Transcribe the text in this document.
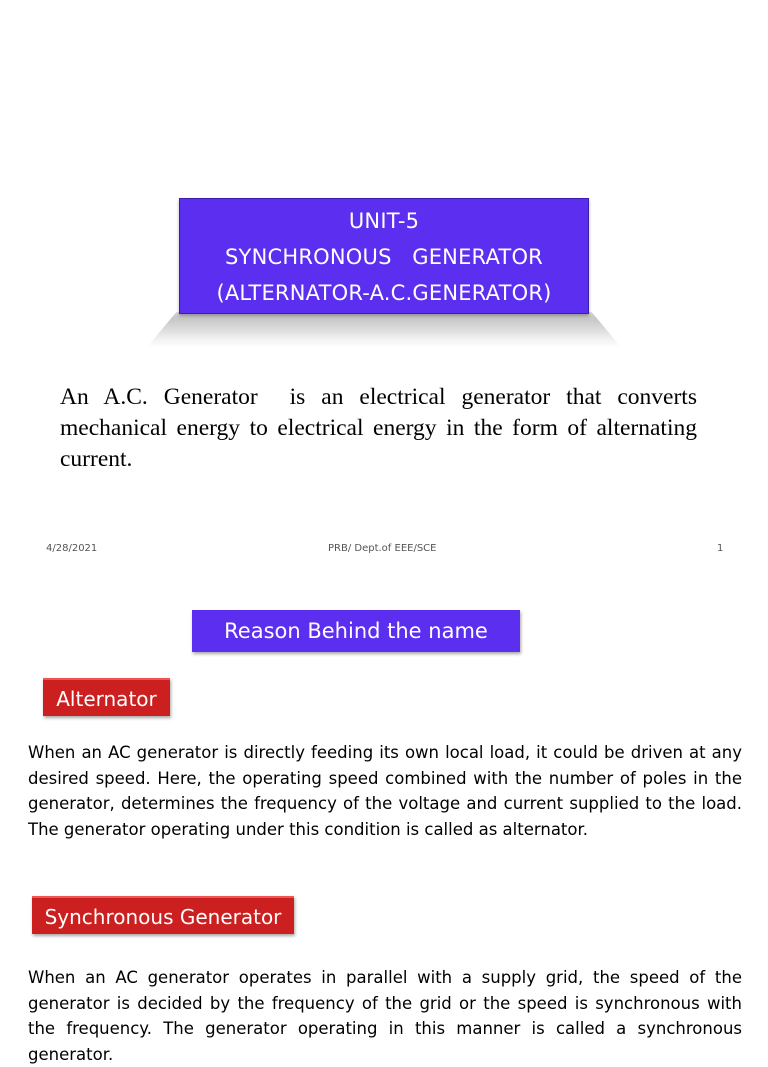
UNIT-5
SYNCHRONOUS   GENERATOR
(ALTERNATOR-A.C.GENERATOR)
An A.C. Generator  is an electrical generator that converts mechanical energy to electrical energy in the form of alternating current.
4/28/2021	PRB/ Dept.of EEE/SCE	1
Reason Behind the name
Alternator
When an AC generator is directly feeding its own local load, it could be driven at any desired speed. Here, the operating speed combined with the number of poles in the generator, determines the frequency of the voltage and current supplied to the load. The generator operating under this condition is called as alternator.
Synchronous Generator
When an AC generator operates in parallel with a supply grid, the speed of the generator is decided by the frequency of the grid or the speed is synchronous with the frequency. The generator operating in this manner is called a synchronous generator.
